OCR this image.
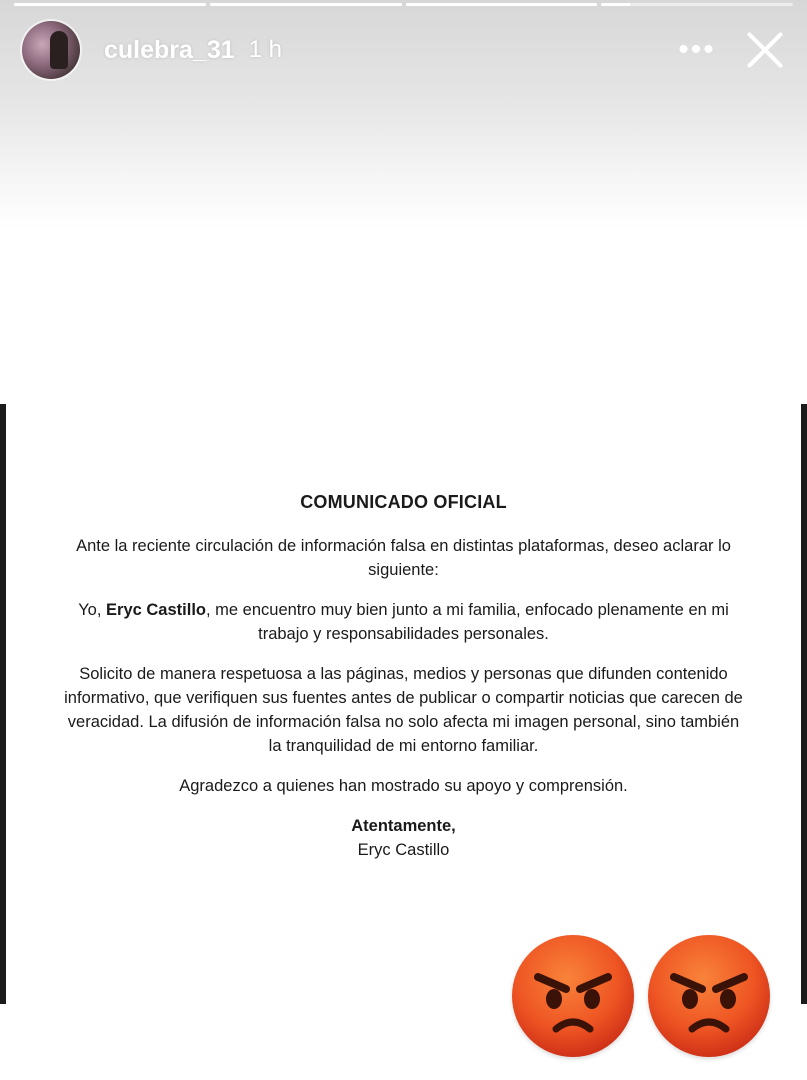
culebra_31 1 h	•••
COMUNICADO OFICIAL

Ante la reciente circulación de información falsa en distintas plataformas, deseo aclarar lo siguiente:

Yo, Eryc Castillo, me encuentro muy bien junto a mi familia, enfocado plenamente en mi trabajo y responsabilidades personales.

Solicito de manera respetuosa a las páginas, medios y personas que difunden contenido informativo, que verifiquen sus fuentes antes de publicar o compartir noticias que carecen de veracidad. La difusión de información falsa no solo afecta mi imagen personal, sino también la tranquilidad de mi entorno familiar.

Agradezco a quienes han mostrado su apoyo y comprensión.

Atentamente,
Eryc Castillo
